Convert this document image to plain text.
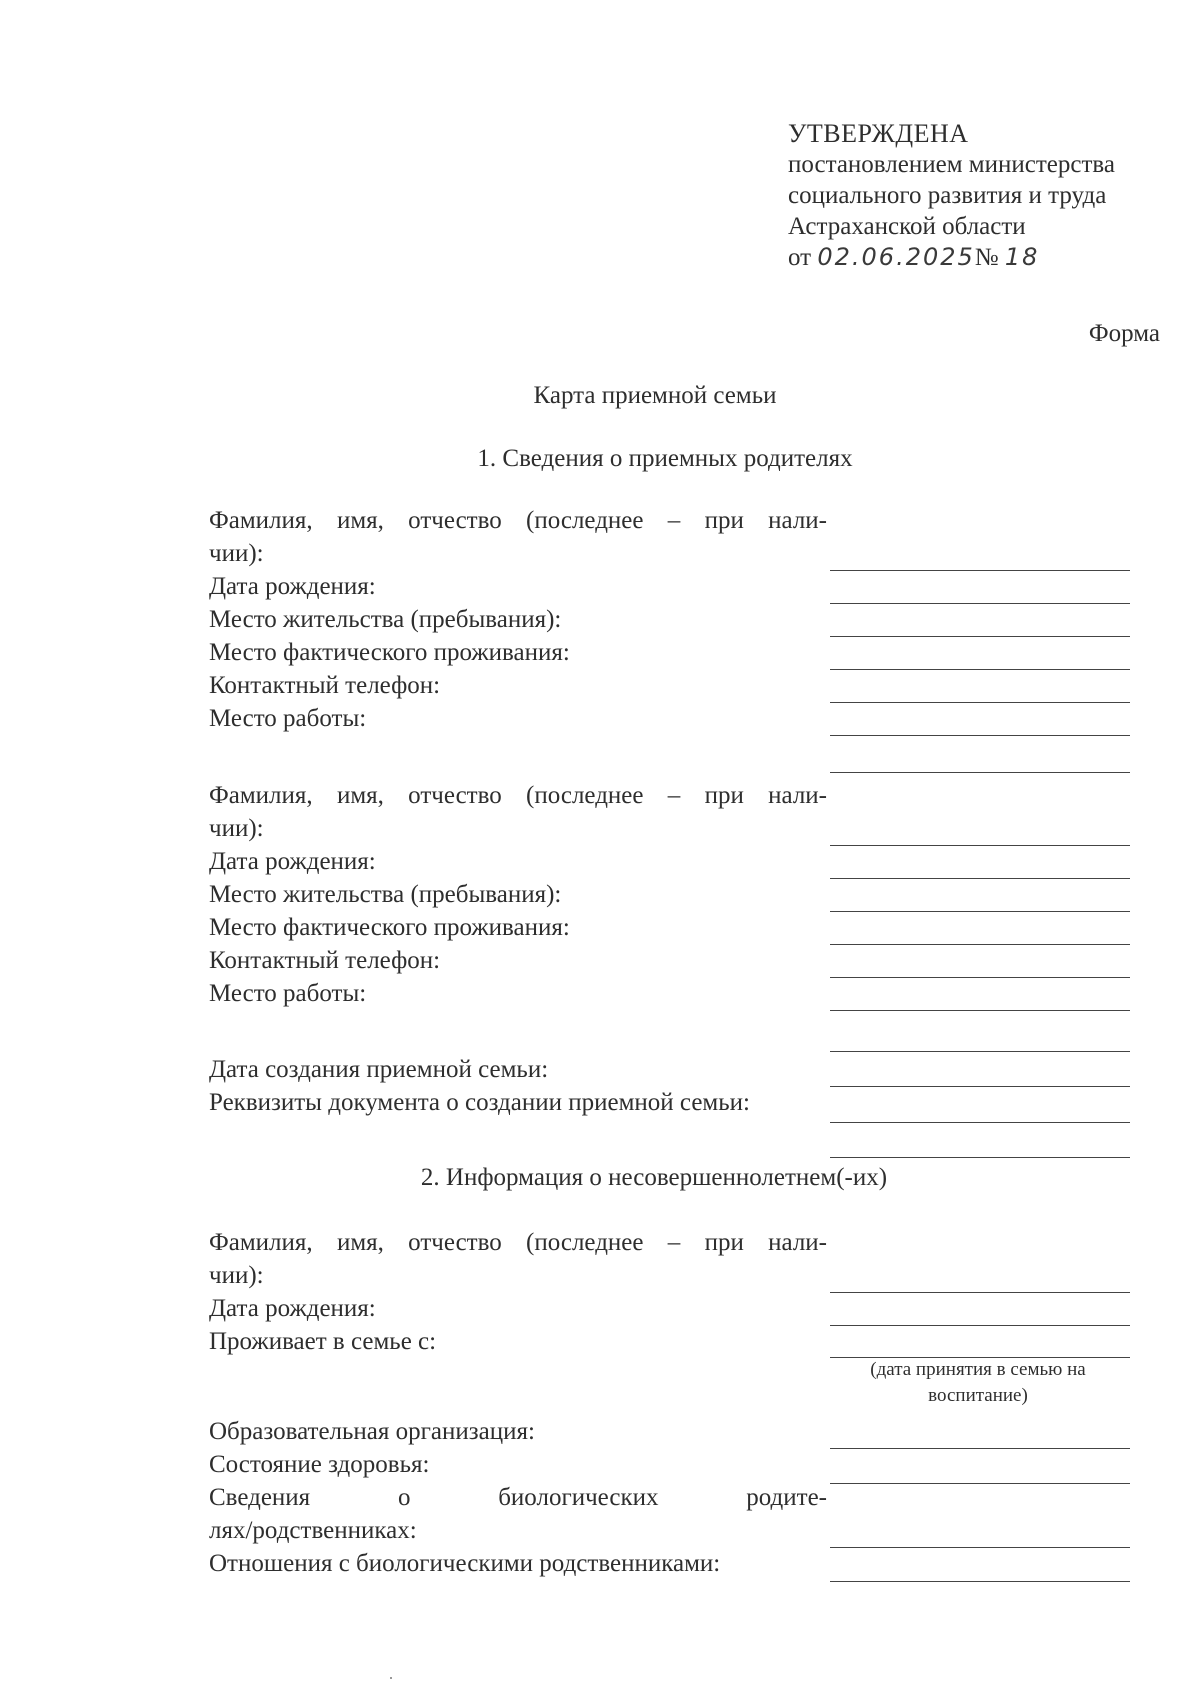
УТВЕРЖДЕНА
постановлением министерства
социального развития и труда
Астраханской области
от 02.06.2025№ 18
Форма
Карта приемной семьи
1. Сведения о приемных родителях
Фамилия, имя, отчество (последнее – при нали-
чии):
Дата рождения:
Место жительства (пребывания):
Место фактического проживания:
Контактный телефон:
Место работы:
Фамилия, имя, отчество (последнее – при нали-
чии):
Дата рождения:
Место жительства (пребывания):
Место фактического проживания:
Контактный телефон:
Место работы:
Дата создания приемной семьи:
Реквизиты документа о создании приемной семьи:
2. Информация о несовершеннолетнем(-их)
Фамилия, имя, отчество (последнее – при нали-
чии):
Дата рождения:
Проживает в семье с:
(дата принятия в семью на воспитание)
Образовательная организация:
Состояние здоровья:
Сведения о биологических родите-
лях/родственниках:
Отношения с биологическими родственниками:
